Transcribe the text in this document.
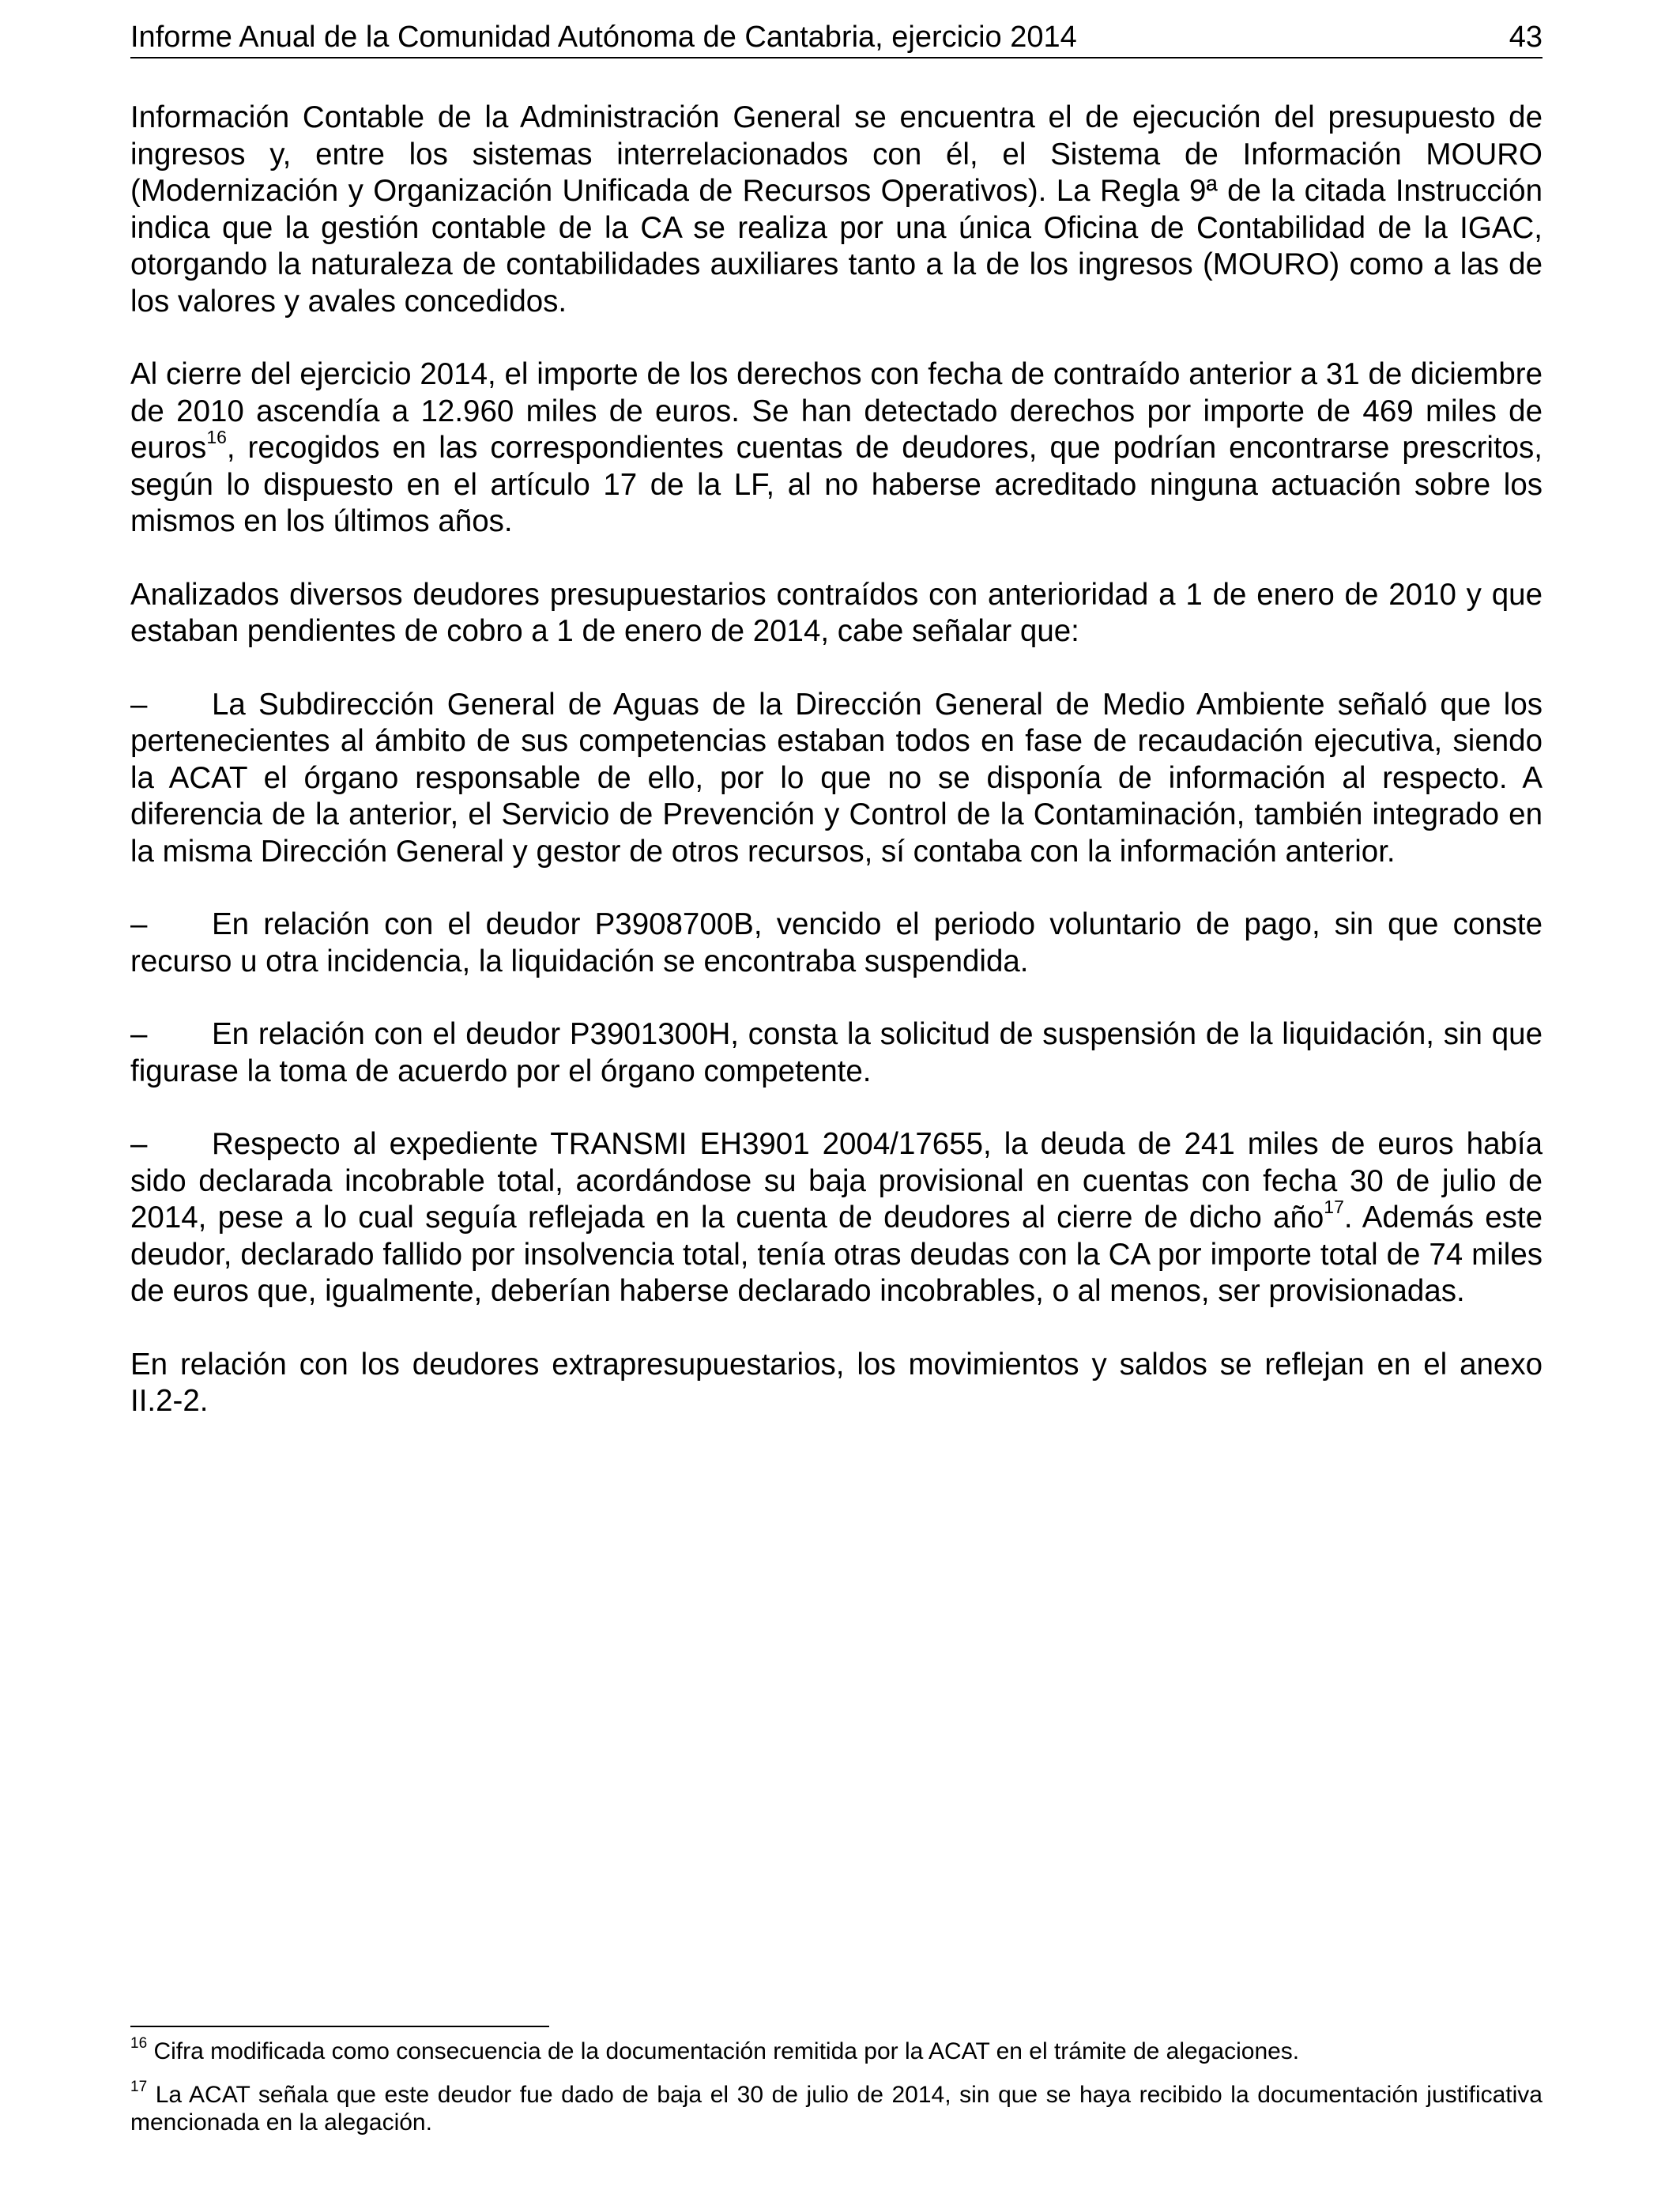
Informe Anual de la Comunidad Autónoma de Cantabria, ejercicio 2014	43

Información Contable de la Administración General se encuentra el de ejecución del presupuesto de ingresos y, entre los sistemas interrelacionados con él, el Sistema de Información MOURO (Modernización y Organización Unificada de Recursos Operativos). La Regla 9ª de la citada Instrucción indica que la gestión contable de la CA se realiza por una única Oficina de Contabilidad de la IGAC, otorgando la naturaleza de contabilidades auxiliares tanto a la de los ingresos (MOURO) como a las de los valores y avales concedidos.

Al cierre del ejercicio 2014, el importe de los derechos con fecha de contraído anterior a 31 de diciembre de 2010 ascendía a 12.960 miles de euros. Se han detectado derechos por importe de 469 miles de euros$^{16}$, recogidos en las correspondientes cuentas de deudores, que podrían encontrarse prescritos, según lo dispuesto en el artículo 17 de la LF, al no haberse acreditado ninguna actuación sobre los mismos en los últimos años.

Analizados diversos deudores presupuestarios contraídos con anterioridad a 1 de enero de 2010 y que estaban pendientes de cobro a 1 de enero de 2014, cabe señalar que:

– La Subdirección General de Aguas de la Dirección General de Medio Ambiente señaló que los pertenecientes al ámbito de sus competencias estaban todos en fase de recaudación ejecutiva, siendo la ACAT el órgano responsable de ello, por lo que no se disponía de información al respecto. A diferencia de la anterior, el Servicio de Prevención y Control de la Contaminación, también integrado en la misma Dirección General y gestor de otros recursos, sí contaba con la información anterior.

– En relación con el deudor P3908700B, vencido el periodo voluntario de pago, sin que conste recurso u otra incidencia, la liquidación se encontraba suspendida.

– En relación con el deudor P3901300H, consta la solicitud de suspensión de la liquidación, sin que figurase la toma de acuerdo por el órgano competente.

– Respecto al expediente TRANSMI EH3901 2004/17655, la deuda de 241 miles de euros había sido declarada incobrable total, acordándose su baja provisional en cuentas con fecha 30 de julio de 2014, pese a lo cual seguía reflejada en la cuenta de deudores al cierre de dicho año$^{17}$. Además este deudor, declarado fallido por insolvencia total, tenía otras deudas con la CA por importe total de 74 miles de euros que, igualmente, deberían haberse declarado incobrables, o al menos, ser provisionadas.

En relación con los deudores extrapresupuestarios, los movimientos y saldos se reflejan en el anexo II.2-2.

$^{16}$ Cifra modificada como consecuencia de la documentación remitida por la ACAT en el trámite de alegaciones.

$^{17}$ La ACAT señala que este deudor fue dado de baja el 30 de julio de 2014, sin que se haya recibido la documentación justificativa mencionada en la alegación.
